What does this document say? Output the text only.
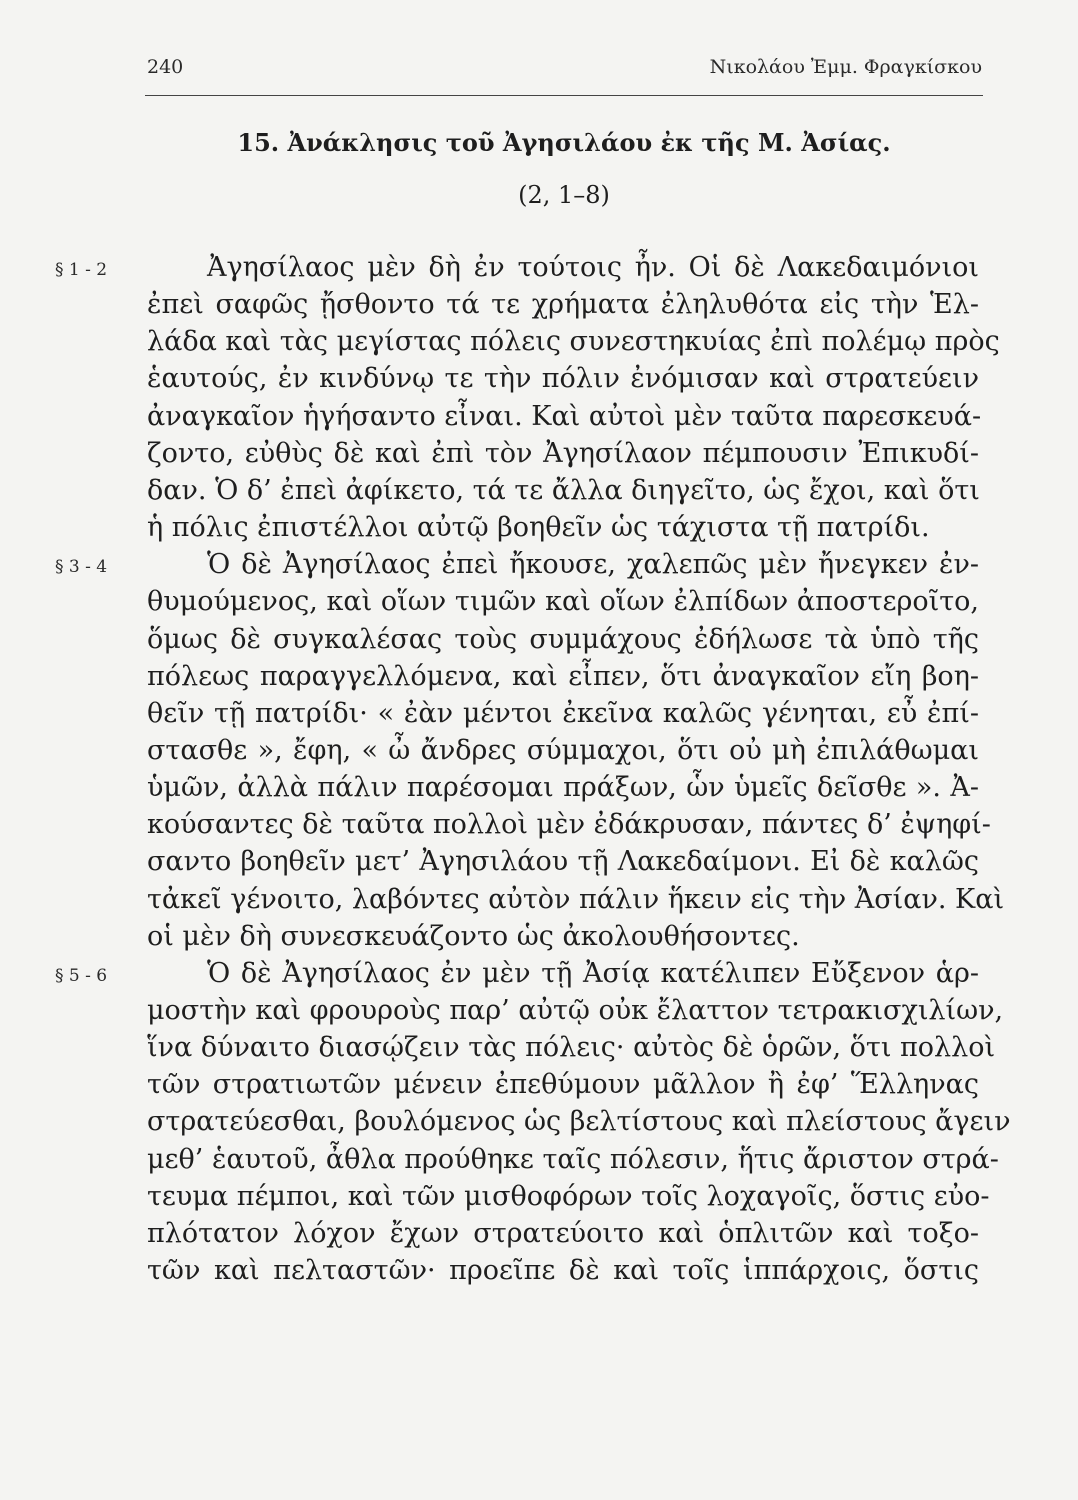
240	Νικολάου Ἐμμ. Φραγκίσκου
15. Ἀνάκλησις τοῦ Ἀγησιλάου ἐκ τῆς Μ. Ἀσίας.
(2, 1–8)
§ 1 - 2	Ἀγησίλαος μὲν δὴ ἐν τούτοις ἦν. Οἱ δὲ Λακεδαιμόνιοι
ἐπεὶ σαφῶς ᾔσθοντο τά τε χρήματα ἐληλυθότα εἰς τὴν Ἑλ-
λάδα καὶ τὰς μεγίστας πόλεις συνεστηκυίας ἐπὶ πολέμῳ πρὸς
ἑαυτούς, ἐν κινδύνῳ τε τὴν πόλιν ἐνόμισαν καὶ στρατεύειν
ἀναγκαῖον ἡγήσαντο εἶναι. Καὶ αὐτοὶ μὲν ταῦτα παρεσκευά-
ζοντο, εὐθὺς δὲ καὶ ἐπὶ τὸν Ἀγησίλαον πέμπουσιν Ἐπικυδί-
δαν. Ὁ δ’ ἐπεὶ ἀφίκετο, τά τε ἄλλα διηγεῖτο, ὡς ἔχοι, καὶ ὅτι
ἡ πόλις ἐπιστέλλοι αὐτῷ βοηθεῖν ὡς τάχιστα τῇ πατρίδι.
§ 3 - 4	Ὁ δὲ Ἀγησίλαος ἐπεὶ ἤκουσε, χαλεπῶς μὲν ἤνεγκεν ἐν-
θυμούμενος, καὶ οἵων τιμῶν καὶ οἵων ἐλπίδων ἀποστεροῖτο,
ὅμως δὲ συγκαλέσας τοὺς συμμάχους ἐδήλωσε τὰ ὑπὸ τῆς
πόλεως παραγγελλόμενα, καὶ εἶπεν, ὅτι ἀναγκαῖον εἴη βοη-
θεῖν τῇ πατρίδι· « ἐὰν μέντοι ἐκεῖνα καλῶς γένηται, εὖ ἐπί-
στασθε », ἔφη, « ὦ ἄνδρες σύμμαχοι, ὅτι οὐ μὴ ἐπιλάθωμαι
ὑμῶν, ἀλλὰ πάλιν παρέσομαι πράξων, ὧν ὑμεῖς δεῖσθε ». Ἀ-
κούσαντες δὲ ταῦτα πολλοὶ μὲν ἐδάκρυσαν, πάντες δ’ ἐψηφί-
σαντο βοηθεῖν μετ’ Ἀγησιλάου τῇ Λακεδαίμονι. Εἰ δὲ καλῶς
τἀκεῖ γένοιτο, λαβόντες αὐτὸν πάλιν ἥκειν εἰς τὴν Ἀσίαν. Καὶ
οἱ μὲν δὴ συνεσκευάζοντο ὡς ἀκολουθήσοντες.
§ 5 - 6	Ὁ δὲ Ἀγησίλαος ἐν μὲν τῇ Ἀσίᾳ κατέλιπεν Εὔξενον ἁρ-
μοστὴν καὶ φρουροὺς παρ’ αὐτῷ οὐκ ἔλαττον τετρακισχιλίων,
ἵνα δύναιτο διασῴζειν τὰς πόλεις· αὐτὸς δὲ ὁρῶν, ὅτι πολλοὶ
τῶν στρατιωτῶν μένειν ἐπεθύμουν μᾶλλον ἢ ἐφ’ Ἕλληνας
στρατεύεσθαι, βουλόμενος ὡς βελτίστους καὶ πλείστους ἄγειν
μεθ’ ἑαυτοῦ, ἆθλα προύθηκε ταῖς πόλεσιν, ἥτις ἄριστον στρά-
τευμα πέμποι, καὶ τῶν μισθοφόρων τοῖς λοχαγοῖς, ὅστις εὐο-
πλότατον λόχον ἔχων στρατεύοιτο καὶ ὁπλιτῶν καὶ τοξο-
τῶν καὶ πελταστῶν· προεῖπε δὲ καὶ τοῖς ἱππάρχοις, ὅστις
